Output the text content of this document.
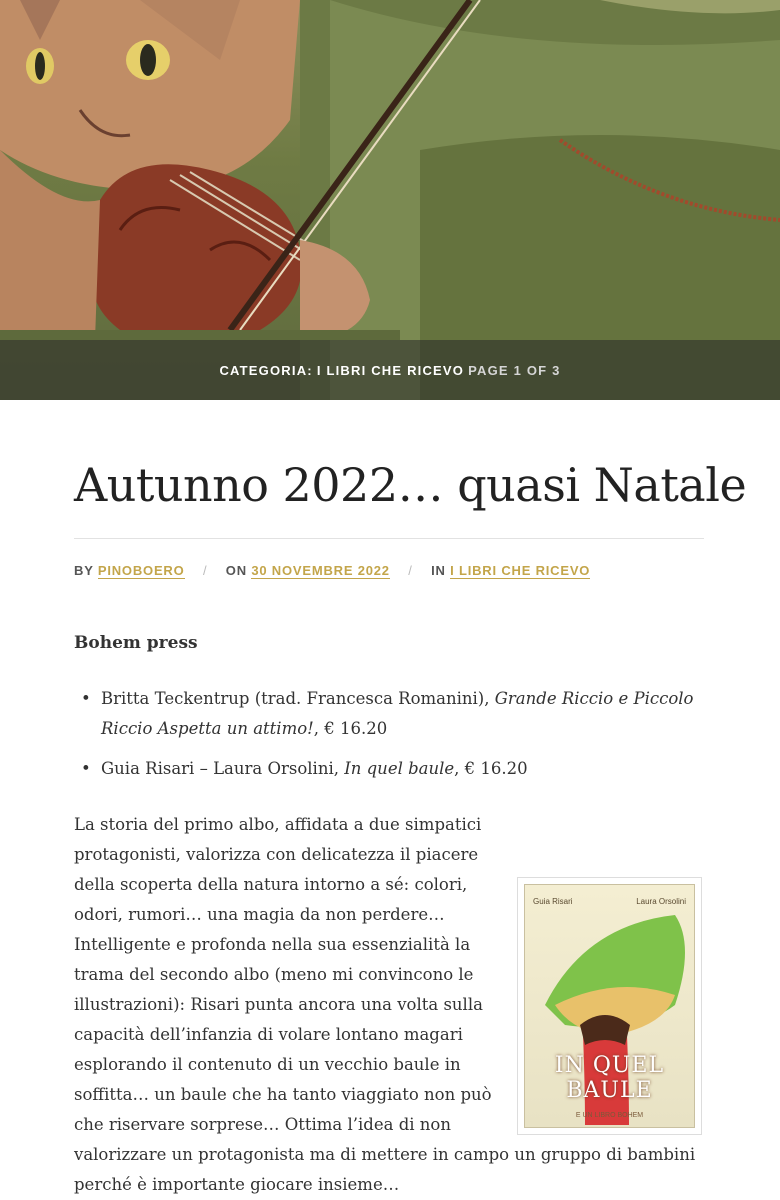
CATEGORIA: I LIBRI CHE RICEVO PAGE 1 OF 3
Autunno 2022… quasi Natale
BY PINOBOERO / ON 30 NOVEMBRE 2022 / IN I LIBRI CHE RICEVO

Bohem press

• Britta Teckentrup (trad. Francesca Romanini), Grande Riccio e Piccolo Riccio Aspetta un attimo!, € 16.20
• Guia Risari – Laura Orsolini, In quel baule, € 16.20

La storia del primo albo, affidata a due simpatici protagonisti, valorizza con delicatezza il piacere della scoperta della natura intorno a sé: colori, odori, rumori… una magia da non perdere… Intelligente e profonda nella sua essenzialità la trama del secondo albo (meno mi convincono le illustrazioni): Risari punta ancora una volta sulla capacità dell’infanzia di volare lontano magari esplorando il contenuto di un vecchio baule in soffitta… un baule che ha tanto viaggiato non può che riservare sorprese… Ottima l’idea di non valorizzare un protagonista ma di mettere in campo un gruppo di bambini perché è importante giocare insieme…

Guia Risari	Laura Orsolini
IN QUEL BAULE
E UN LIBRO BOHEM
